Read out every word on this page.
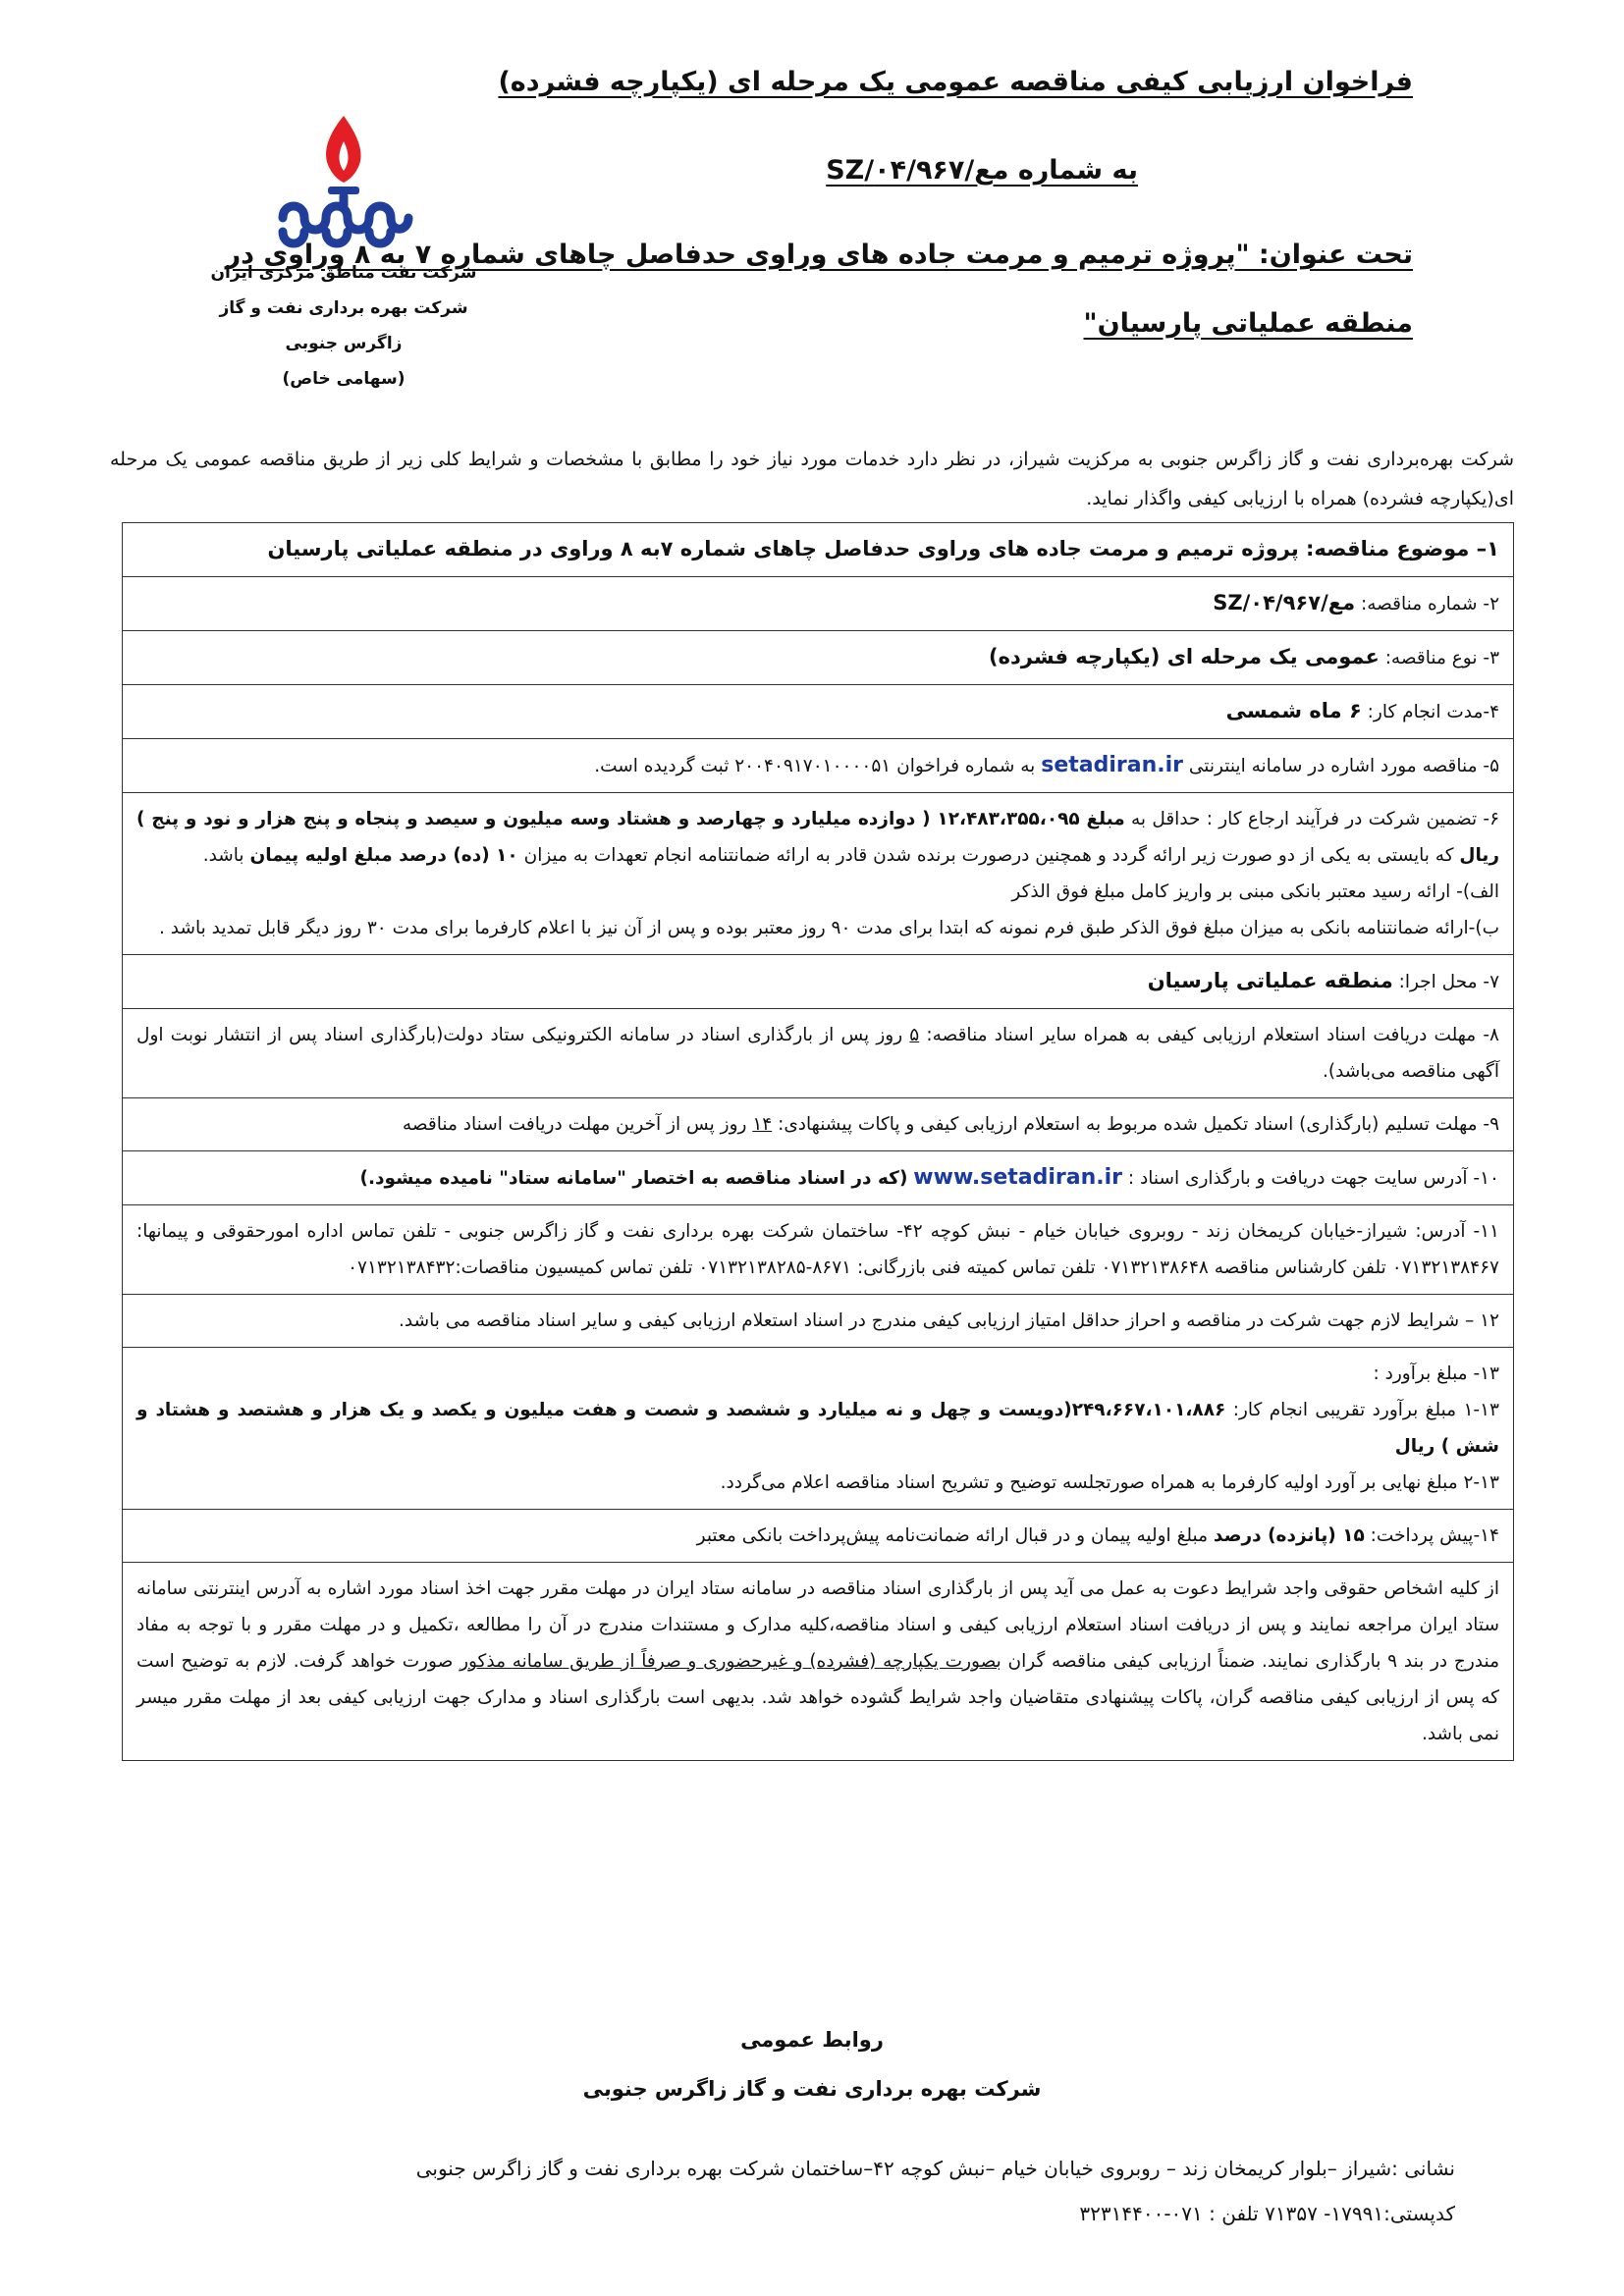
شرکت نفت مناطق مرکزی ایران
شرکت بهره برداری نفت و گاز زاگرس جنوبی
(سهامی خاص)
فراخوان ارزیابی کیفی مناقصه عمومی یک مرحله ای (یکپارچه فشرده)
به شماره مع/۰۴/۹۶۷/SZ
تحت عنوان: "پروژه ترمیم و مرمت جاده های وراوی حدفاصل چاهای شماره ۷ به ۸ وراوی در
منطقه عملیاتی پارسیان"
شرکت بهره‌برداری نفت و گاز زاگرس جنوبی به مرکزیت شیراز، در نظر دارد خدمات مورد نیاز خود را مطابق با مشخصات و شرایط کلی زیر از طریق مناقصه عمومی یک مرحله ای(یکپارچه فشرده) همراه با ارزیابی کیفی واگذار نماید.
۱– موضوع مناقصه: پروژه ترمیم و مرمت جاده های وراوی حدفاصل چاهای شماره ۷به ۸ وراوی در منطقه عملیاتی پارسیان
۲- شماره مناقصه: مع/۰۴/۹۶۷/SZ
۳- نوع مناقصه: عمومی یک مرحله ای (یکپارچه فشرده)
۴-مدت انجام کار: ۶ ماه شمسی
۵- مناقصه مورد اشاره در سامانه اینترنتی setadiran.ir به شماره فراخوان ۲۰۰۴۰۹۱۷۰۱۰۰۰۰۵۱ ثبت گردیده است.
۶- تضمین شرکت در فرآیند ارجاع کار : حداقل به مبلغ ۱۲،۴۸۳،۳۵۵،۰۹۵ ( دوازده میلیارد و چهارصد و هشتاد وسه میلیون و سیصد و پنجاه و پنج هزار و نود و پنج ) ریال که بایستی به یکی از دو صورت زیر ارائه گردد و همچنین درصورت برنده شدن قادر به ارائه ضمانتنامه انجام تعهدات به میزان ۱۰ (ده) درصد مبلغ اولیه پیمان باشد.
الف)- ارائه رسید معتبر بانکی مبنی بر واریز کامل مبلغ فوق الذکر
ب)-ارائه ضمانتنامه بانکی به میزان مبلغ فوق الذکر طبق فرم نمونه که ابتدا برای مدت ۹۰ روز معتبر بوده و پس از آن نیز با اعلام کارفرما برای مدت ۳۰ روز دیگر قابل تمدید باشد .
۷- محل اجرا: منطقه عملیاتی پارسیان
۸- مهلت دریافت اسناد استعلام ارزیابی کیفی به همراه سایر اسناد مناقصه: ۵ روز پس از بارگذاری اسناد در سامانه الکترونیکی ستاد دولت(بارگذاری اسناد پس از انتشار نوبت اول آگهی مناقصه می‌باشد).
۹- مهلت تسلیم (بارگذاری) اسناد تکمیل شده مربوط به استعلام ارزیابی کیفی و پاکات پیشنهادی: ۱۴ روز پس از آخرین مهلت دریافت اسناد مناقصه
۱۰- آدرس سایت جهت دریافت و بارگذاری اسناد : www.setadiran.ir (که در اسناد مناقصه به اختصار "سامانه ستاد" نامیده میشود.)
۱۱- آدرس: شیراز-خیابان کریمخان زند - روبروی خیابان خیام - نبش کوچه ۴۲- ساختمان شرکت بهره برداری نفت و گاز زاگرس جنوبی - تلفن تماس اداره امورحقوقی و پیمانها: ۰۷۱۳۲۱۳۸۴۶۷ تلفن کارشناس مناقصه ۰۷۱۳۲۱۳۸۶۴۸ تلفن تماس کمیته فنی بازرگانی: ۸۶۷۱-۰۷۱۳۲۱۳۸۲۸۵ تلفن تماس کمیسیون مناقصات:۰۷۱۳۲۱۳۸۴۳۲
۱۲ – شرایط لازم جهت شرکت در مناقصه و احراز حداقل امتیاز ارزیابی کیفی مندرج در اسناد استعلام ارزیابی کیفی و سایر اسناد مناقصه می باشد.
۱۳- مبلغ برآورد :
۱-۱۳ مبلغ برآورد تقریبی انجام کار: ۲۴۹،۶۶۷،۱۰۱،۸۸۶(دویست و چهل و نه میلیارد و ششصد و شصت و هفت میلیون و یکصد و یک هزار و هشتصد و هشتاد و شش ) ریال
۲-۱۳ مبلغ نهایی بر آورد اولیه کارفرما به همراه صورتجلسه توضیح و تشریح اسناد مناقصه اعلام می‌گردد.
۱۴-پیش پرداخت: ۱۵ (پانزده) درصد مبلغ اولیه پیمان و در قبال ارائه ضمانت‌نامه پیش‌پرداخت بانکی معتبر
از کلیه اشخاص حقوقی واجد شرایط دعوت به عمل می آید پس از بارگذاری اسناد مناقصه در سامانه ستاد ایران در مهلت مقرر جهت اخذ اسناد مورد اشاره به آدرس اینترنتی سامانه ستاد ایران مراجعه نمایند و پس از دریافت اسناد استعلام ارزیابی کیفی و اسناد مناقصه،کلیه مدارک و مستندات مندرج در آن را مطالعه ،تکمیل و در مهلت مقرر و با توجه به مفاد مندرج در بند ۹ بارگذاری نمایند. ضمناً ارزیابی کیفی مناقصه گران بصورت یکپارچه (فشرده) و غیرحضوری و صرفاً از طریق سامانه مذکور صورت خواهد گرفت. لازم به توضیح است که پس از ارزیابی کیفی مناقصه گران، پاکات پیشنهادی متقاضیان واجد شرایط گشوده خواهد شد. بدیهی است بارگذاری اسناد و مدارک جهت ارزیابی کیفی بعد از مهلت مقرر میسر نمی باشد.
روابط عمومی
شرکت بهره برداری نفت و گاز زاگرس جنوبی
نشانی :شیراز –بلوار کریمخان زند – روبروی خیابان خیام –نبش کوچه ۴۲–ساختمان شرکت بهره برداری نفت و گاز زاگرس جنوبی
کدپستی:۱۷۹۹۱- ۷۱۳۵۷ تلفن : ۰۷۱-۳۲۳۱۴۴۰۰
